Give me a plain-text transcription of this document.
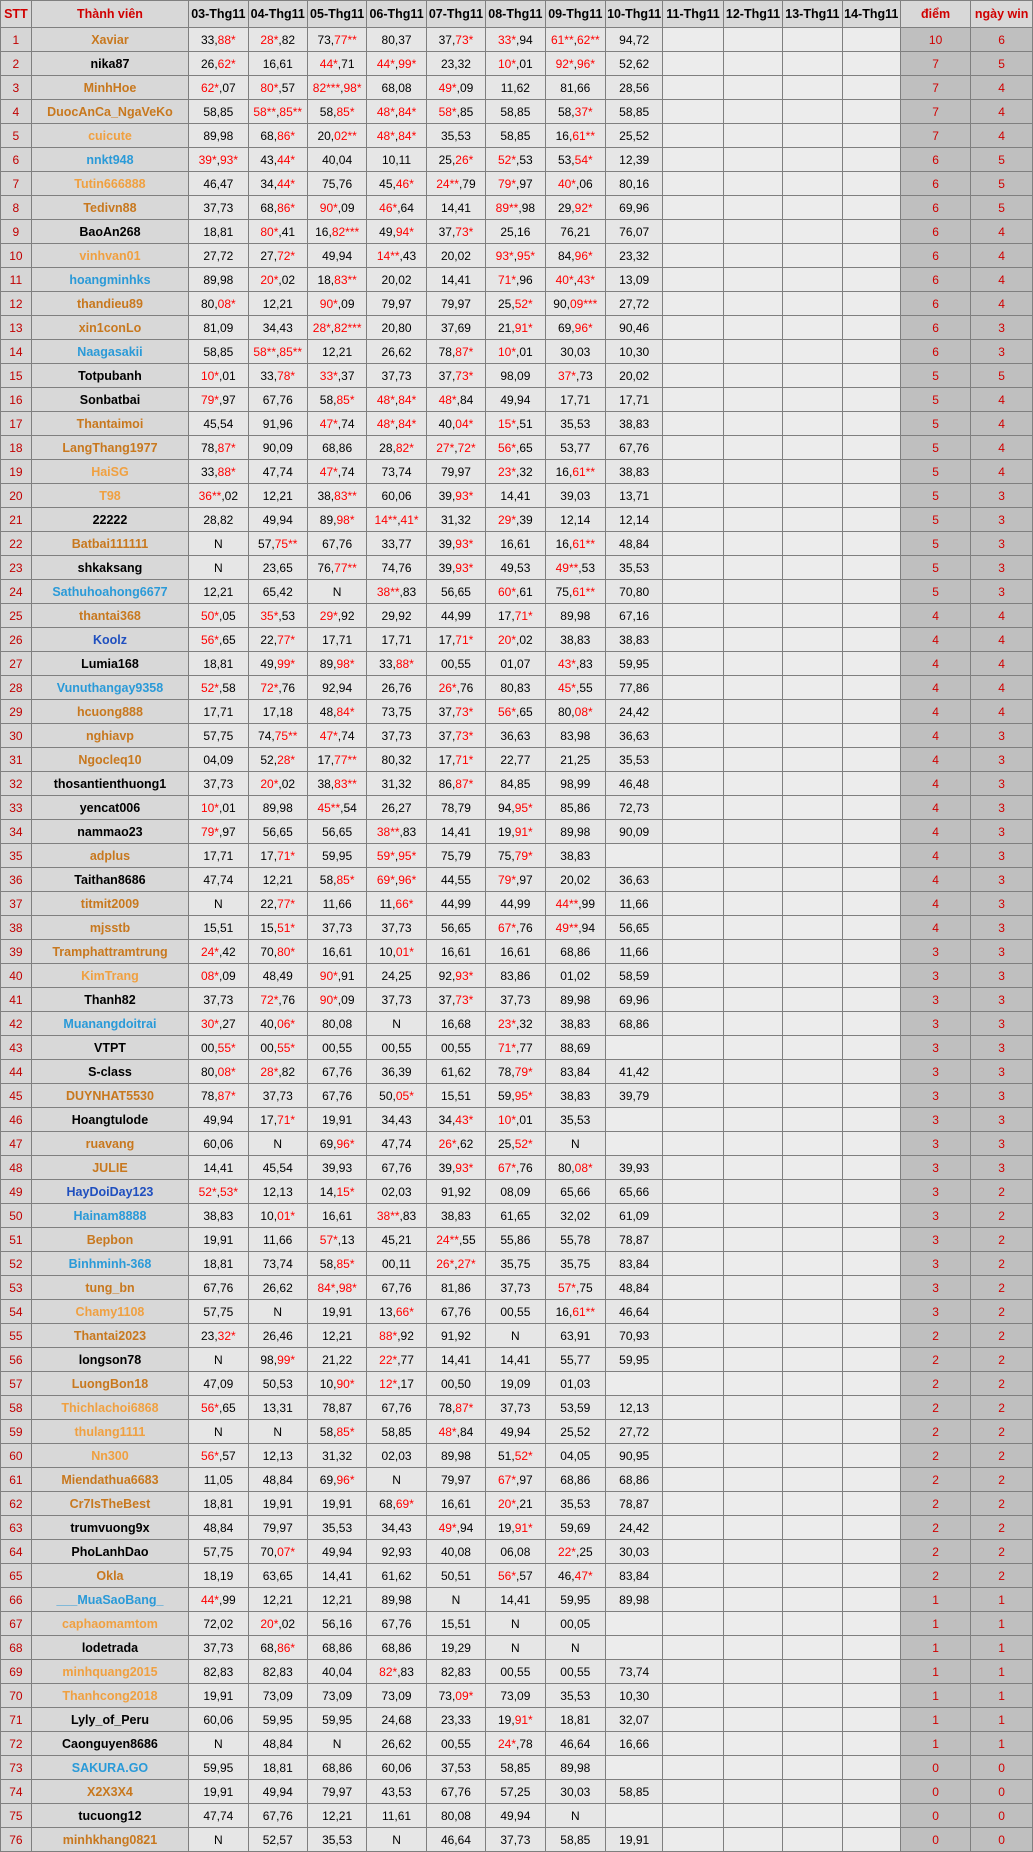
STT	Thành viên	03-Thg11	04-Thg11	05-Thg11	06-Thg11	07-Thg11	08-Thg11	09-Thg11	10-Thg11	11-Thg11	12-Thg11	13-Thg11	14-Thg11	điểm	ngày win
1	Xaviar	33,88*	28*,82	73,77**	80,37	37,73*	33*,94	61**,62**	94,72					10	6
2	nika87	26,62*	16,61	44*,71	44*,99*	23,32	10*,01	92*,96*	52,62					7	5
3	MinhHoe	62*,07	80*,57	82***,98*	68,08	49*,09	11,62	81,66	28,56					7	4
4	DuocAnCa_NgaVeKo	58,85	58**,85**	58,85*	48*,84*	58*,85	58,85	58,37*	58,85					7	4
5	cuicute	89,98	68,86*	20,02**	48*,84*	35,53	58,85	16,61**	25,52					7	4
6	nnkt948	39*,93*	43,44*	40,04	10,11	25,26*	52*,53	53,54*	12,39					6	5
7	Tutin666888	46,47	34,44*	75,76	45,46*	24**,79	79*,97	40*,06	80,16					6	5
8	Tedivn88	37,73	68,86*	90*,09	46*,64	14,41	89**,98	29,92*	69,96					6	5
9	BaoAn268	18,81	80*,41	16,82***	49,94*	37,73*	25,16	76,21	76,07					6	4
10	vinhvan01	27,72	27,72*	49,94	14**,43	20,02	93*,95*	84,96*	23,32					6	4
11	hoangminhks	89,98	20*,02	18,83**	20,02	14,41	71*,96	40*,43*	13,09					6	4
12	thandieu89	80,08*	12,21	90*,09	79,97	79,97	25,52*	90,09***	27,72					6	4
13	xin1conLo	81,09	34,43	28*,82***	20,80	37,69	21,91*	69,96*	90,46					6	3
14	Naagasakii	58,85	58**,85**	12,21	26,62	78,87*	10*,01	30,03	10,30					6	3
15	Totpubanh	10*,01	33,78*	33*,37	37,73	37,73*	98,09	37*,73	20,02					5	5
16	Sonbatbai	79*,97	67,76	58,85*	48*,84*	48*,84	49,94	17,71	17,71					5	4
17	Thantaimoi	45,54	91,96	47*,74	48*,84*	40,04*	15*,51	35,53	38,83					5	4
18	LangThang1977	78,87*	90,09	68,86	28,82*	27*,72*	56*,65	53,77	67,76					5	4
19	HaiSG	33,88*	47,74	47*,74	73,74	79,97	23*,32	16,61**	38,83					5	4
20	T98	36**,02	12,21	38,83**	60,06	39,93*	14,41	39,03	13,71					5	3
21	22222	28,82	49,94	89,98*	14**,41*	31,32	29*,39	12,14	12,14					5	3
22	Batbai111111	N	57,75**	67,76	33,77	39,93*	16,61	16,61**	48,84					5	3
23	shkaksang	N	23,65	76,77**	74,76	39,93*	49,53	49**,53	35,53					5	3
24	Sathuhoahong6677	12,21	65,42	N	38**,83	56,65	60*,61	75,61**	70,80					5	3
25	thantai368	50*,05	35*,53	29*,92	29,92	44,99	17,71*	89,98	67,16					4	4
26	Koolz	56*,65	22,77*	17,71	17,71	17,71*	20*,02	38,83	38,83					4	4
27	Lumia168	18,81	49,99*	89,98*	33,88*	00,55	01,07	43*,83	59,95					4	4
28	Vunuthangay9358	52*,58	72*,76	92,94	26,76	26*,76	80,83	45*,55	77,86					4	4
29	hcuong888	17,71	17,18	48,84*	73,75	37,73*	56*,65	80,08*	24,42					4	4
30	nghiavp	57,75	74,75**	47*,74	37,73	37,73*	36,63	83,98	36,63					4	3
31	Ngocleq10	04,09	52,28*	17,77**	80,32	17,71*	22,77	21,25	35,53					4	3
32	thosantienthuong1	37,73	20*,02	38,83**	31,32	86,87*	84,85	98,99	46,48					4	3
33	yencat006	10*,01	89,98	45**,54	26,27	78,79	94,95*	85,86	72,73					4	3
34	nammao23	79*,97	56,65	56,65	38**,83	14,41	19,91*	89,98	90,09					4	3
35	adplus	17,71	17,71*	59,95	59*,95*	75,79	75,79*	38,83						4	3
36	Taithan8686	47,74	12,21	58,85*	69*,96*	44,55	79*,97	20,02	36,63					4	3
37	titmit2009	N	22,77*	11,66	11,66*	44,99	44,99	44**,99	11,66					4	3
38	mjsstb	15,51	15,51*	37,73	37,73	56,65	67*,76	49**,94	56,65					4	3
39	Tramphattramtrung	24*,42	70,80*	16,61	10,01*	16,61	16,61	68,86	11,66					3	3
40	KimTrang	08*,09	48,49	90*,91	24,25	92,93*	83,86	01,02	58,59					3	3
41	Thanh82	37,73	72*,76	90*,09	37,73	37,73*	37,73	89,98	69,96					3	3
42	Muanangdoitrai	30*,27	40,06*	80,08	N	16,68	23*,32	38,83	68,86					3	3
43	VTPT	00,55*	00,55*	00,55	00,55	00,55	71*,77	88,69						3	3
44	S-class	80,08*	28*,82	67,76	36,39	61,62	78,79*	83,84	41,42					3	3
45	DUYNHAT5530	78,87*	37,73	67,76	50,05*	15,51	59,95*	38,83	39,79					3	3
46	Hoangtulode	49,94	17,71*	19,91	34,43	34,43*	10*,01	35,53						3	3
47	ruavang	60,06	N	69,96*	47,74	26*,62	25,52*	N						3	3
48	JULIE	14,41	45,54	39,93	67,76	39,93*	67*,76	80,08*	39,93					3	3
49	HayDoiDay123	52*,53*	12,13	14,15*	02,03	91,92	08,09	65,66	65,66					3	2
50	Hainam8888	38,83	10,01*	16,61	38**,83	38,83	61,65	32,02	61,09					3	2
51	Bepbon	19,91	11,66	57*,13	45,21	24**,55	55,86	55,78	78,87					3	2
52	Binhminh-368	18,81	73,74	58,85*	00,11	26*,27*	35,75	35,75	83,84					3	2
53	tung_bn	67,76	26,62	84*,98*	67,76	81,86	37,73	57*,75	48,84					3	2
54	Chamy1108	57,75	N	19,91	13,66*	67,76	00,55	16,61**	46,64					3	2
55	Thantai2023	23,32*	26,46	12,21	88*,92	91,92	N	63,91	70,93					2	2
56	longson78	N	98,99*	21,22	22*,77	14,41	14,41	55,77	59,95					2	2
57	LuongBon18	47,09	50,53	10,90*	12*,17	00,50	19,09	01,03						2	2
58	Thichlachoi6868	56*,65	13,31	78,87	67,76	78,87*	37,73	53,59	12,13					2	2
59	thulang1111	N	N	58,85*	58,85	48*,84	49,94	25,52	27,72					2	2
60	Nn300	56*,57	12,13	31,32	02,03	89,98	51,52*	04,05	90,95					2	2
61	Miendathua6683	11,05	48,84	69,96*	N	79,97	67*,97	68,86	68,86					2	2
62	Cr7IsTheBest	18,81	19,91	19,91	68,69*	16,61	20*,21	35,53	78,87					2	2
63	trumvuong9x	48,84	79,97	35,53	34,43	49*,94	19,91*	59,69	24,42					2	2
64	PhoLanhDao	57,75	70,07*	49,94	92,93	40,08	06,08	22*,25	30,03					2	2
65	Okla	18,19	63,65	14,41	61,62	50,51	56*,57	46,47*	83,84					2	2
66	___MuaSaoBang_	44*,99	12,21	12,21	89,98	N	14,41	59,95	89,98					1	1
67	caphaomamtom	72,02	20*,02	56,16	67,76	15,51	N	00,05						1	1
68	lodetrada	37,73	68,86*	68,86	68,86	19,29	N	N						1	1
69	minhquang2015	82,83	82,83	40,04	82*,83	82,83	00,55	00,55	73,74					1	1
70	Thanhcong2018	19,91	73,09	73,09	73,09	73,09*	73,09	35,53	10,30					1	1
71	Lyly_of_Peru	60,06	59,95	59,95	24,68	23,33	19,91*	18,81	32,07					1	1
72	Caonguyen8686	N	48,84	N	26,62	00,55	24*,78	46,64	16,66					1	1
73	SAKURA.GO	59,95	18,81	68,86	60,06	37,53	58,85	89,98						0	0
74	X2X3X4	19,91	49,94	79,97	43,53	67,76	57,25	30,03	58,85					0	0
75	tucuong12	47,74	67,76	12,21	11,61	80,08	49,94	N						0	0
76	minhkhang0821	N	52,57	35,53	N	46,64	37,73	58,85	19,91					0	0
